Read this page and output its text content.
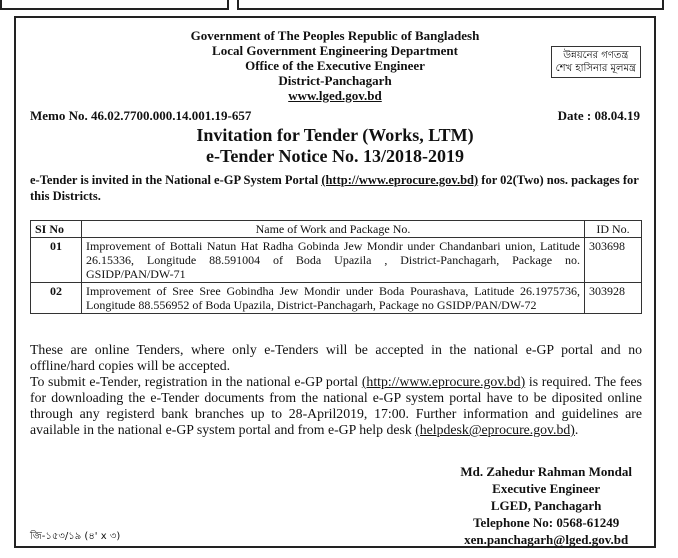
Government of The Peoples Republic of Bangladesh
Local Government Engineering Department
Office of the Executive Engineer
District-Panchagarh
www.lged.gov.bd
উন্নয়নের গণতন্ত্র
শেখ হাসিনার মূলমন্ত্র
Memo No. 46.02.7700.000.14.001.19-657	Date : 08.04.19
Invitation for Tender (Works, LTM)
e-Tender Notice No. 13/2018-2019
e-Tender is invited in the National e-GP System Portal (http://www.eprocure.gov.bd) for 02(Two) nos. packages for this Districts.
SI No	Name of Work and Package No.	ID No.
01	Improvement of Bottali Natun Hat Radha Gobinda Jew Mondir under Chandanbari union, Latitude 26.15336, Longitude 88.591004 of Boda Upazila , District-Panchagarh, Package no. GSIDP/PAN/DW-71	303698
02	Improvement of Sree Sree Gobindha Jew Mondir under Boda Pourashava, Latitude 26.1975736, Longitude 88.556952 of Boda Upazila, District-Panchagarh, Package no GSIDP/PAN/DW-72	303928

These are online Tenders, where only e-Tenders will be accepted in the national e-GP portal and no offline/hard copies will be accepted.

To submit e-Tender, registration in the national e-GP portal (http://www.eprocure.gov.bd) is required. The fees for downloading the e-Tender documents from the national e-GP system portal have to be diposited online through any registerd bank branches up to 28-April2019, 17:00. Further information and guidelines are available in the national e-GP system portal and from e-GP help desk (helpdesk@eprocure.gov.bd).

Md. Zahedur Rahman Mondal
Executive Engineer
LGED, Panchagarh
Telephone No: 0568-61249
xen.panchagarh@lged.gov.bd
জি-১৫৩/১৯ (৪' x ৩)
